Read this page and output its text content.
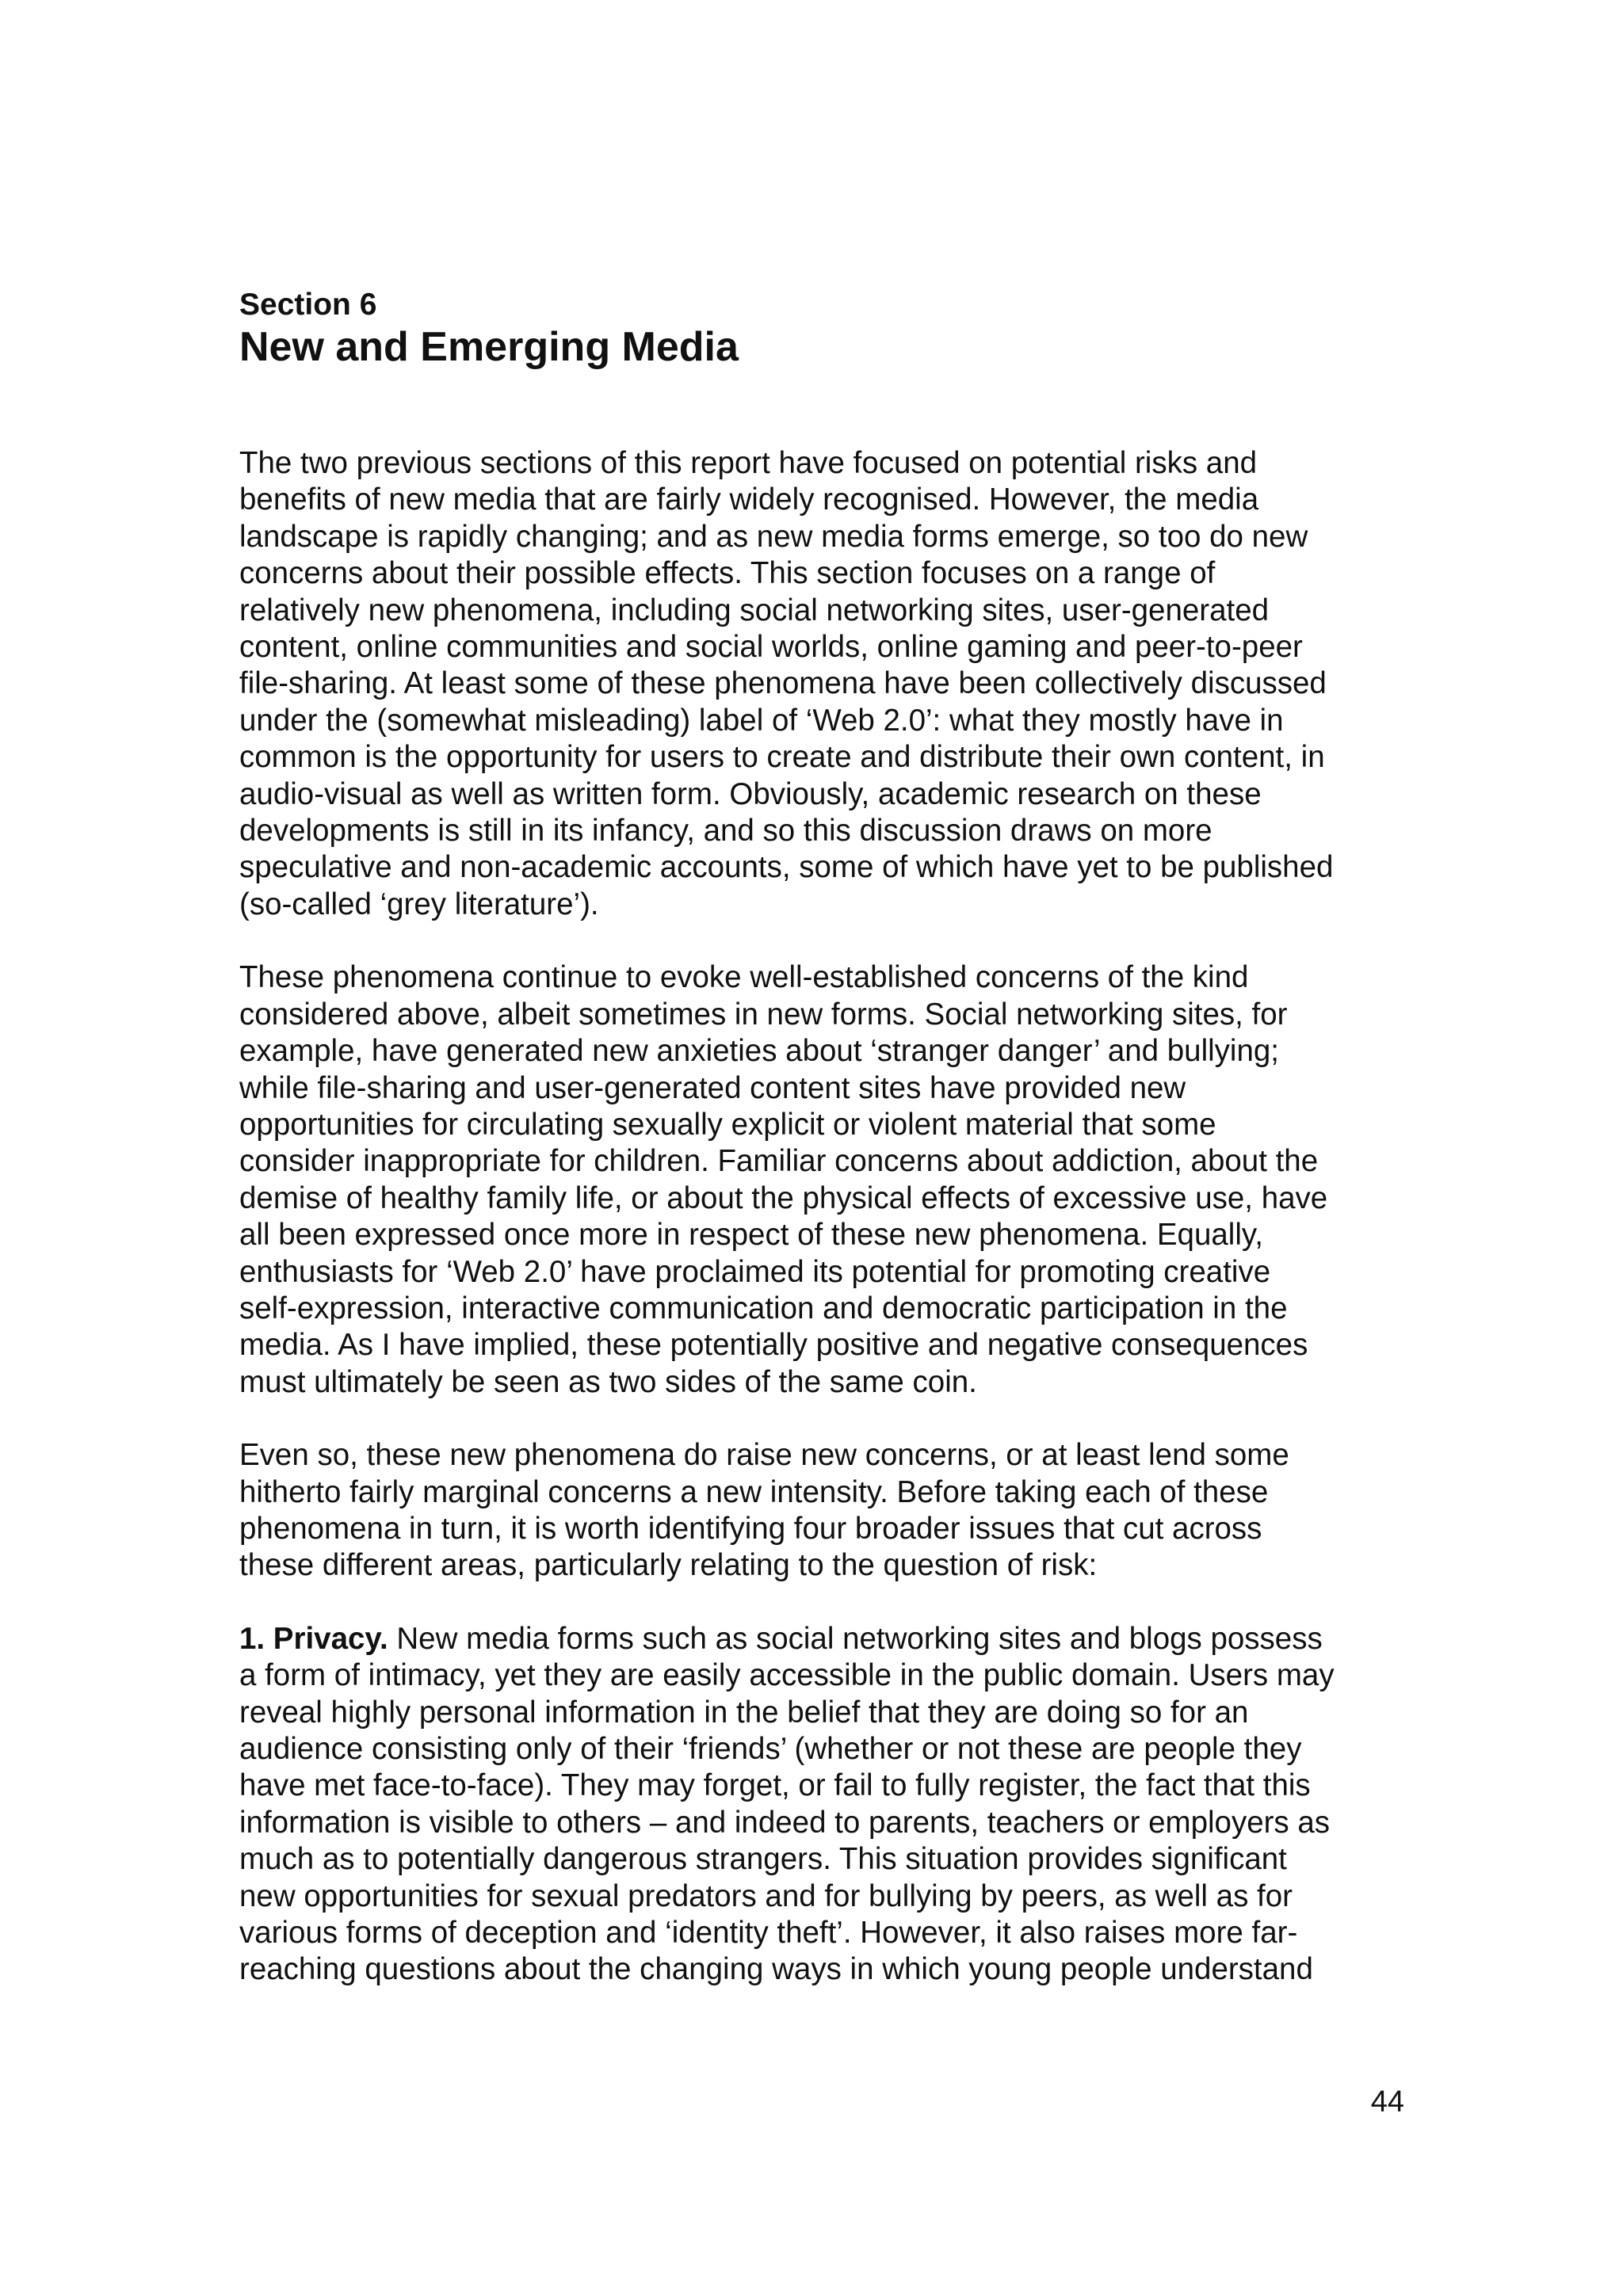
Section 6
New and Emerging Media

The two previous sections of this report have focused on potential risks and
benefits of new media that are fairly widely recognised. However, the media
landscape is rapidly changing; and as new media forms emerge, so too do new
concerns about their possible effects. This section focuses on a range of
relatively new phenomena, including social networking sites, user-generated
content, online communities and social worlds, online gaming and peer-to-peer
file-sharing. At least some of these phenomena have been collectively discussed
under the (somewhat misleading) label of ‘Web 2.0’: what they mostly have in
common is the opportunity for users to create and distribute their own content, in
audio-visual as well as written form. Obviously, academic research on these
developments is still in its infancy, and so this discussion draws on more
speculative and non-academic accounts, some of which have yet to be published
(so-called ‘grey literature’).

These phenomena continue to evoke well-established concerns of the kind
considered above, albeit sometimes in new forms. Social networking sites, for
example, have generated new anxieties about ‘stranger danger’ and bullying;
while file-sharing and user-generated content sites have provided new
opportunities for circulating sexually explicit or violent material that some
consider inappropriate for children. Familiar concerns about addiction, about the
demise of healthy family life, or about the physical effects of excessive use, have
all been expressed once more in respect of these new phenomena. Equally,
enthusiasts for ‘Web 2.0’ have proclaimed its potential for promoting creative
self-expression, interactive communication and democratic participation in the
media. As I have implied, these potentially positive and negative consequences
must ultimately be seen as two sides of the same coin.

Even so, these new phenomena do raise new concerns, or at least lend some
hitherto fairly marginal concerns a new intensity. Before taking each of these
phenomena in turn, it is worth identifying four broader issues that cut across
these different areas, particularly relating to the question of risk:

1. Privacy. New media forms such as social networking sites and blogs possess
a form of intimacy, yet they are easily accessible in the public domain. Users may
reveal highly personal information in the belief that they are doing so for an
audience consisting only of their ‘friends’ (whether or not these are people they
have met face-to-face). They may forget, or fail to fully register, the fact that this
information is visible to others – and indeed to parents, teachers or employers as
much as to potentially dangerous strangers. This situation provides significant
new opportunities for sexual predators and for bullying by peers, as well as for
various forms of deception and ‘identity theft’. However, it also raises more far-
reaching questions about the changing ways in which young people understand

44
